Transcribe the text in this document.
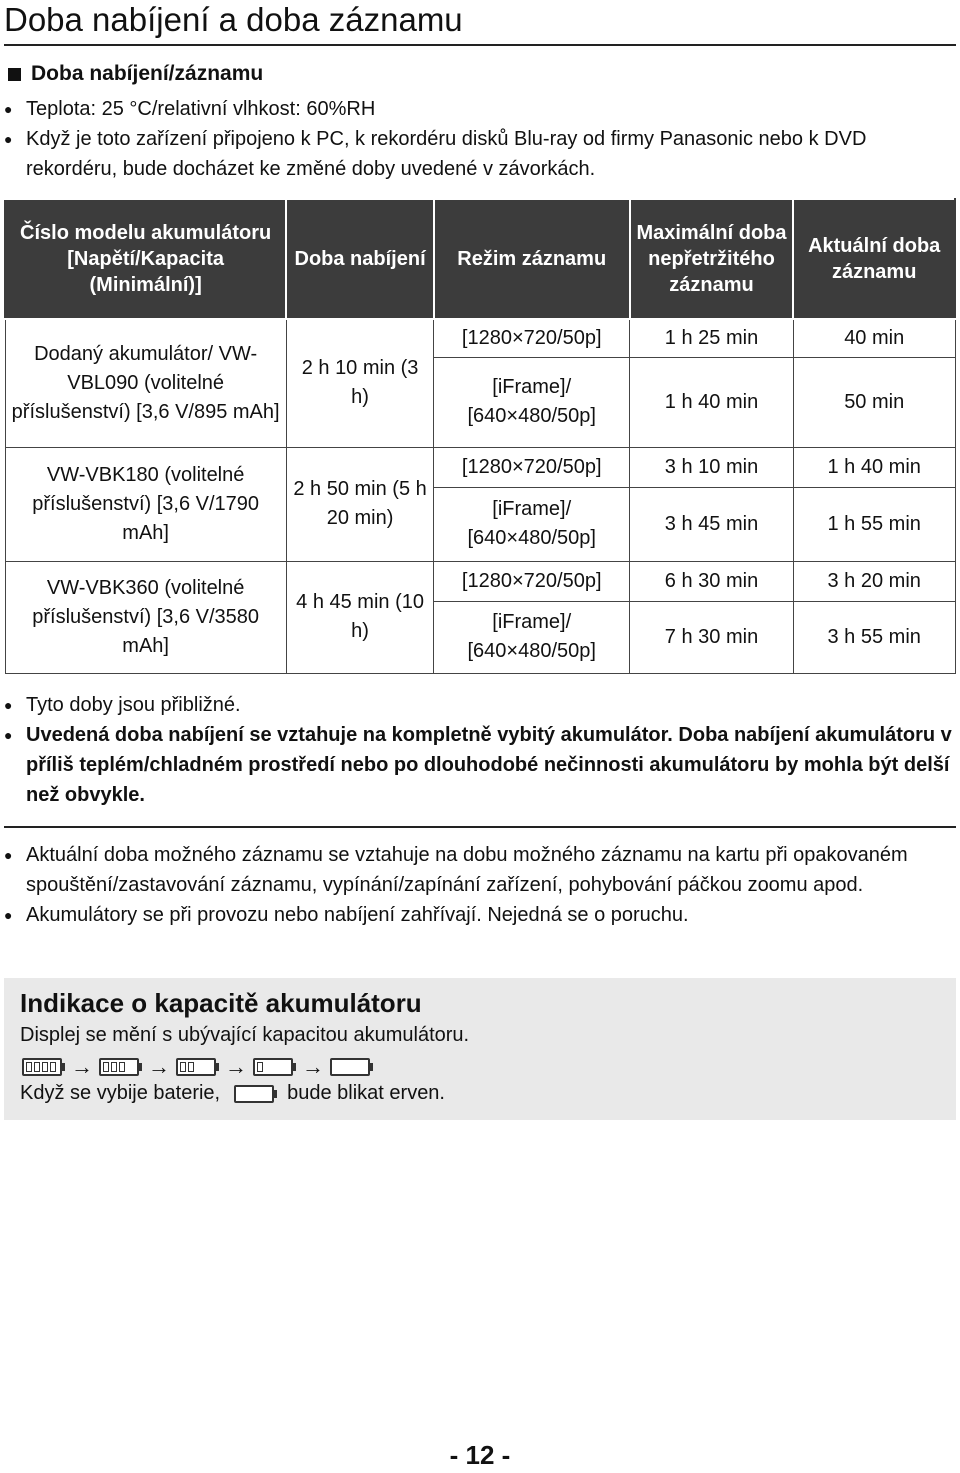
Doba nabíjení a doba záznamu
Doba nabíjení/záznamu
● Teplota: 25 °C/relativní vlhkost: 60%RH
● Když je toto zařízení připojeno k PC, k rekordéru disků Blu-ray od firmy Panasonic nebo k DVD rekordéru, bude docházet ke změné doby uvedené v závorkách.
Číslo modelu akumulátoru [Napětí/Kapacita (Minimální)]	Doba nabíjení	Režim záznamu	Maximální doba nepřetržitého záznamu	Aktuální doba záznamu
Dodaný akumulátor/ VW-VBL090 (volitelné příslušenství) [3,6 V/895 mAh]	2 h 10 min (3 h)	[1280×720/50p]	1 h 25 min	40 min
		[iFrame]/ [640×480/50p]	1 h 40 min	50 min
VW-VBK180 (volitelné příslušenství) [3,6 V/1790 mAh]	2 h 50 min (5 h 20 min)	[1280×720/50p]	3 h 10 min	1 h 40 min
		[iFrame]/ [640×480/50p]	3 h 45 min	1 h 55 min
VW-VBK360 (volitelné příslušenství) [3,6 V/3580 mAh]	4 h 45 min (10 h)	[1280×720/50p]	6 h 30 min	3 h 20 min
		[iFrame]/ [640×480/50p]	7 h 30 min	3 h 55 min
● Tyto doby jsou přibližné.
● Uvedená doba nabíjení se vztahuje na kompletně vybitý akumulátor. Doba nabíjení akumulátoru v příliš teplém/chladném prostředí nebo po dlouhodobé nečinnosti akumulátoru by mohla být delší než obvykle.
● Aktuální doba možného záznamu se vztahuje na dobu možného záznamu na kartu při opakovaném spouštění/zastavování záznamu, vypínání/zapínání zařízení, pohybování páčkou zoomu apod.
● Akumulátory se při provozu nebo nabíjení zahřívají. Nejedná se o poruchu.
Indikace o kapacitě akumulátoru
Displej se mění s ubývající kapacitou akumulátoru.
→	→	→	→
Když se vybije baterie,	bude blikat erven.
- 12 -
